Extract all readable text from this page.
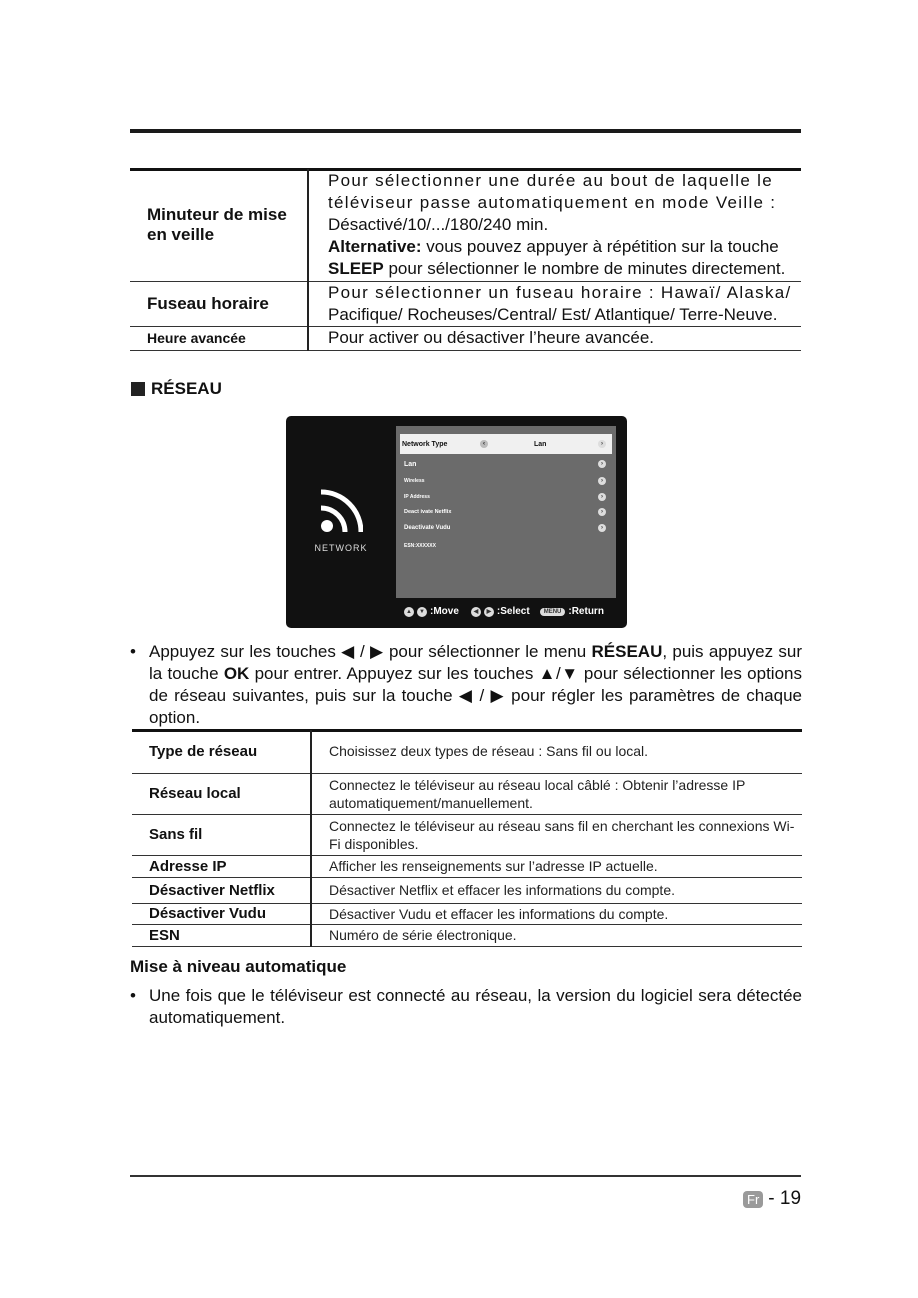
Minuteur de mise en veille	Pour sélectionner une durée au bout de laquelle le
téléviseur passe automatiquement en mode Veille :
Désactivé/10/.../180/240 min.
Alternative: vous pouvez appuyer à répétition sur la touche
SLEEP pour sélectionner le nombre de minutes directement.

Fuseau horaire	Pour sélectionner un fuseau horaire : Hawaï/ Alaska/
Pacifique/ Rocheuses/Central/ Est/ Atlantique/ Terre-Neuve.

Heure avancée	Pour activer ou désactiver l’heure avancée.
RÉSEAU
NETWORK
Network Type	‹	Lan	›
Lan	›
Wireless	›
IP Address	›
Deact ivate Netflix	›
Deactivate Vudu	›
ESN:XXXXXX
▲	▼ :Move	◀	▶ :Select	MENU :Return
• Appuyez sur les touches ◀ / ▶ pour sélectionner le menu RÉSEAU, puis appuyez sur la touche OK pour entrer. Appuyez sur les touches ▲/▼ pour sélectionner les options de réseau suivantes, puis sur la touche ◀ / ▶ pour régler les paramètres de chaque option.
Type de réseau	Choisissez deux types de réseau : Sans fil ou local.
Réseau local	Connectez le téléviseur au réseau local câblé : Obtenir l’adresse IP automatiquement/manuellement.
Sans fil	Connectez le téléviseur au réseau sans fil en cherchant les connexions Wi-Fi disponibles.
Adresse IP	Afficher les renseignements sur l’adresse IP actuelle.
Désactiver Netflix	Désactiver Netflix et effacer les informations du compte.
Désactiver Vudu	Désactiver Vudu et effacer les informations du compte.
ESN	Numéro de série électronique.
Mise à niveau automatique
• Une fois que le téléviseur est connecté au réseau, la version du logiciel sera détectée automatiquement.
Fr - 19
